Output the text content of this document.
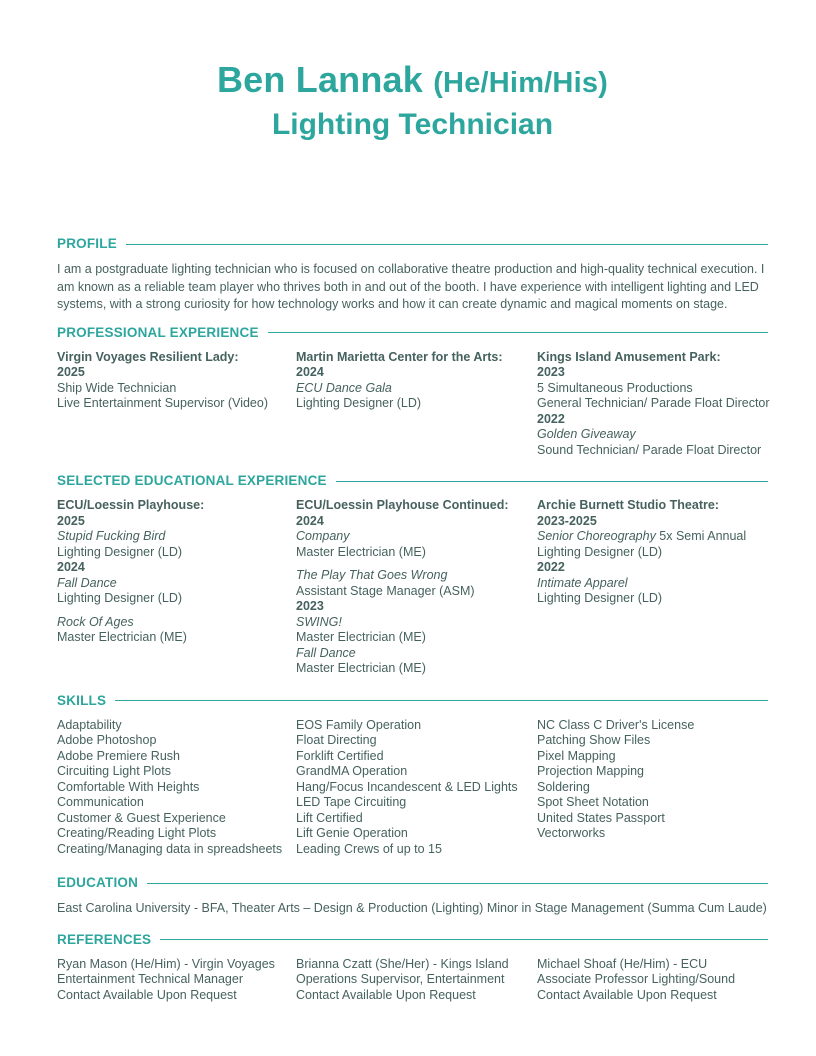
Ben Lannak (He/Him/His)
Lighting Technician
PROFILE

I am a postgraduate lighting technician who is focused on collaborative theatre production and high-quality technical execution. I am known as a reliable team player who thrives both in and out of the booth. I have experience with intelligent lighting and LED systems, with a strong curiosity for how technology works and how it can create dynamic and magical moments on stage.

PROFESSIONAL EXPERIENCE
Virgin Voyages Resilient Lady:
2025
Ship Wide Technician
Live Entertainment Supervisor (Video)
Martin Marietta Center for the Arts:
2024
ECU Dance Gala
Lighting Designer (LD)
Kings Island Amusement Park:
2023
5 Simultaneous Productions
General Technician/ Parade Float Director
2022
Golden Giveaway
Sound Technician/ Parade Float Director
SELECTED EDUCATIONAL EXPERIENCE
ECU/Loessin Playhouse:
2025
Stupid Fucking Bird
Lighting Designer (LD)
2024
Fall Dance
Lighting Designer (LD)
Rock Of Ages
Master Electrician (ME)
ECU/Loessin Playhouse Continued:
2024
Company
Master Electrician (ME)
The Play That Goes Wrong
Assistant Stage Manager (ASM)
2023
SWING!
Master Electrician (ME)
Fall Dance
Master Electrician (ME)
Archie Burnett Studio Theatre:
2023-2025
Senior Choreography 5x Semi Annual
Lighting Designer (LD)
2022
Intimate Apparel
Lighting Designer (LD)
SKILLS
Adaptability
Adobe Photoshop
Adobe Premiere Rush
Circuiting Light Plots
Comfortable With Heights
Communication
Customer & Guest Experience
Creating/Reading Light Plots
Creating/Managing data in spreadsheets
EOS Family Operation
Float Directing
Forklift Certified
GrandMA Operation
Hang/Focus Incandescent & LED Lights
LED Tape Circuiting
Lift Certified
Lift Genie Operation
Leading Crews of up to 15
NC Class C Driver's License
Patching Show Files
Pixel Mapping
Projection Mapping
Soldering
Spot Sheet Notation
United States Passport
Vectorworks
EDUCATION

East Carolina University - BFA, Theater Arts – Design & Production (Lighting) Minor in Stage Management (Summa Cum Laude)

REFERENCES
Ryan Mason (He/Him) - Virgin Voyages
Entertainment Technical Manager
Contact Available Upon Request
Brianna Czatt (She/Her) - Kings Island
Operations Supervisor, Entertainment
Contact Available Upon Request
Michael Shoaf (He/Him) - ECU
Associate Professor Lighting/Sound
Contact Available Upon Request
